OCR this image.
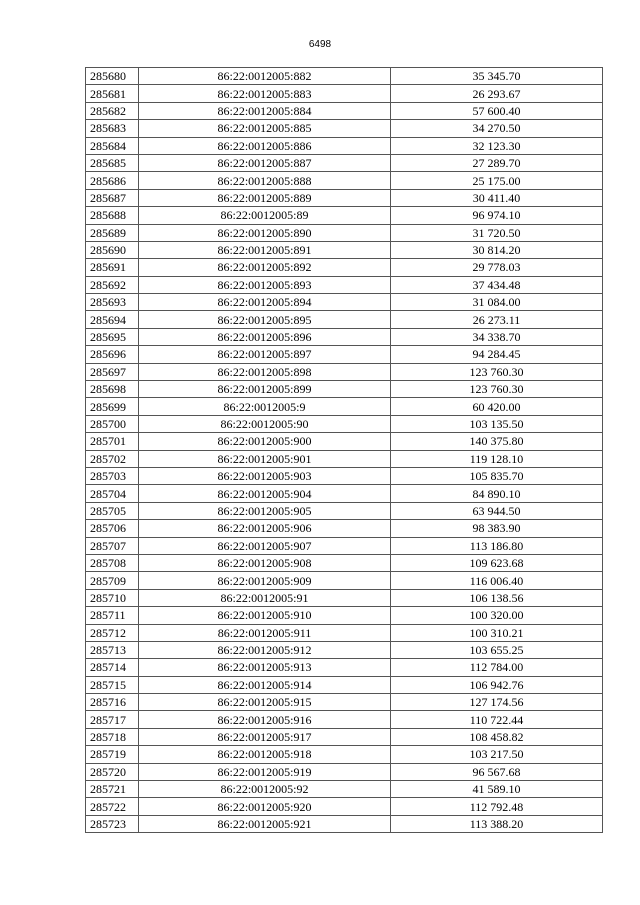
6498
285680	86:22:0012005:882	35 345.70
285681	86:22:0012005:883	26 293.67
285682	86:22:0012005:884	57 600.40
285683	86:22:0012005:885	34 270.50
285684	86:22:0012005:886	32 123.30
285685	86:22:0012005:887	27 289.70
285686	86:22:0012005:888	25 175.00
285687	86:22:0012005:889	30 411.40
285688	86:22:0012005:89	96 974.10
285689	86:22:0012005:890	31 720.50
285690	86:22:0012005:891	30 814.20
285691	86:22:0012005:892	29 778.03
285692	86:22:0012005:893	37 434.48
285693	86:22:0012005:894	31 084.00
285694	86:22:0012005:895	26 273.11
285695	86:22:0012005:896	34 338.70
285696	86:22:0012005:897	94 284.45
285697	86:22:0012005:898	123 760.30
285698	86:22:0012005:899	123 760.30
285699	86:22:0012005:9	60 420.00
285700	86:22:0012005:90	103 135.50
285701	86:22:0012005:900	140 375.80
285702	86:22:0012005:901	119 128.10
285703	86:22:0012005:903	105 835.70
285704	86:22:0012005:904	84 890.10
285705	86:22:0012005:905	63 944.50
285706	86:22:0012005:906	98 383.90
285707	86:22:0012005:907	113 186.80
285708	86:22:0012005:908	109 623.68
285709	86:22:0012005:909	116 006.40
285710	86:22:0012005:91	106 138.56
285711	86:22:0012005:910	100 320.00
285712	86:22:0012005:911	100 310.21
285713	86:22:0012005:912	103 655.25
285714	86:22:0012005:913	112 784.00
285715	86:22:0012005:914	106 942.76
285716	86:22:0012005:915	127 174.56
285717	86:22:0012005:916	110 722.44
285718	86:22:0012005:917	108 458.82
285719	86:22:0012005:918	103 217.50
285720	86:22:0012005:919	96 567.68
285721	86:22:0012005:92	41 589.10
285722	86:22:0012005:920	112 792.48
285723	86:22:0012005:921	113 388.20
